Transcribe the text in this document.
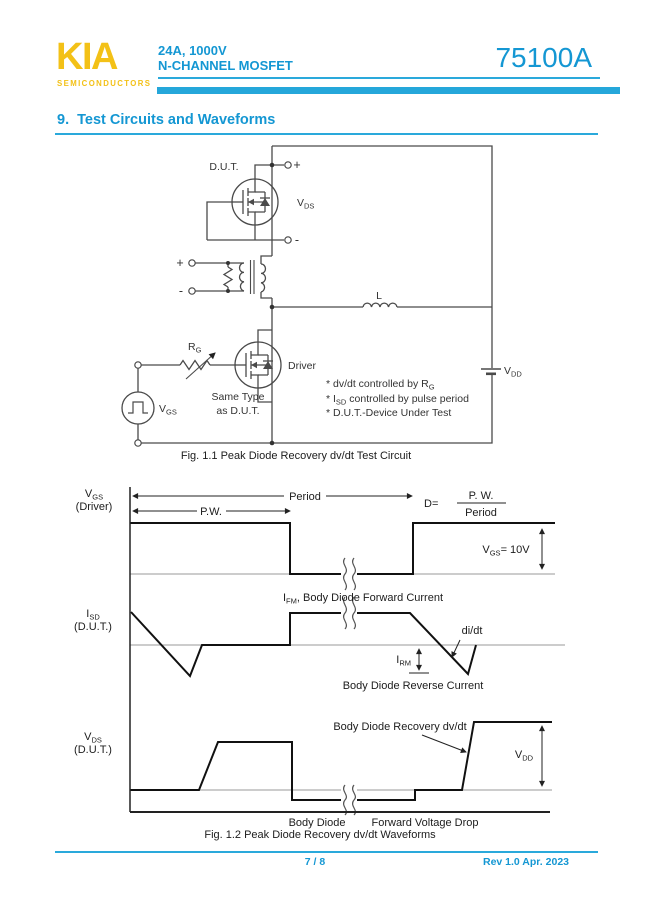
KIA
SEMICONDUCTORS
24A, 1000V
N-CHANNEL MOSFET	75100A
9.  Test Circuits and Waveforms
D.U.T.	+
-
$V_{DS}$
+
-
$R_G$
$V_{GS}$
Driver
Same Type
as D.U.T.
L
$V_{DD}$
* dv/dt controlled by $R_G$
* $I_{SD}$ controlled by pulse period
* D.U.T.-Device Under Test
Fig. 1.1 Peak Diode Recovery dv/dt Test Circuit
$V_{GS}$
(Driver)
Period
P.W.
D=
P. W.
Period
$V_{GS}= 10V$
$I_{SD}$
(D.U.T.)
$I_{FM}$, Body Diode Forward Current
di/dt
$I_{RM}$
Body Diode Reverse Current
$V_{DS}$
(D.U.T.)
Body Diode Recovery dv/dt
$V_{DD}$
Body Diode Forward Voltage Drop
Fig. 1.2 Peak Diode Recovery dv/dt Waveforms
7 / 8	Rev 1.0 Apr. 2023
